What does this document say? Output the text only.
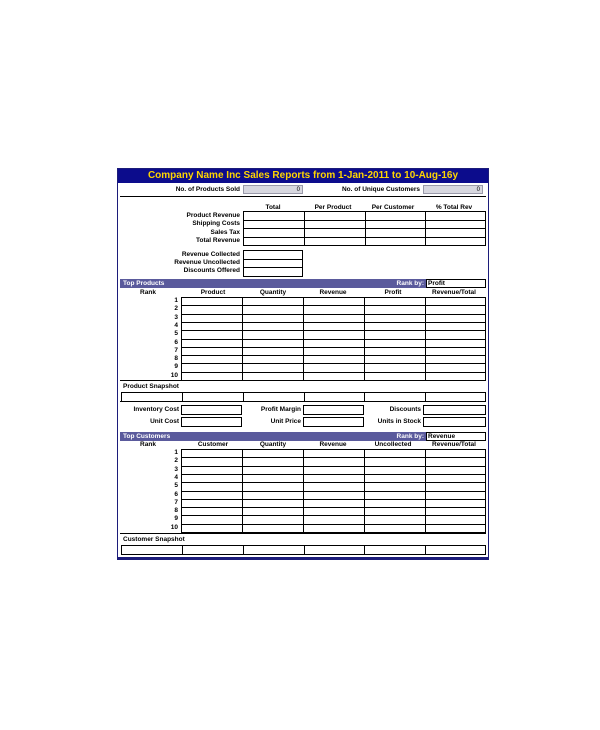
Company Name Inc Sales Reports from 1-Jan-2011 to 10-Aug-16y
No. of Products Sold	0	No. of Unique Customers	0
Total	Per Product	Per Customer	% Total Rev
Product Revenue
Shipping Costs
Sales Tax
Total Revenue
Revenue Collected
Revenue Uncollected
Discounts Offered
Top Products	Rank by: Profit
Rank	Product	Quantity	Revenue	Profit	Revenue/Total
1
2
3
4
5
6
7
8
9
10
Product Snapshot
Inventory Cost	Profit Margin	Discounts
Unit Cost	Unit Price	Units in Stock
Top Customers	Rank by: Revenue
Rank	Customer	Quantity	Revenue	Uncollected	Revenue/Total
1
2
3
4
5
6
7
8
9
10
Customer Snapshot
